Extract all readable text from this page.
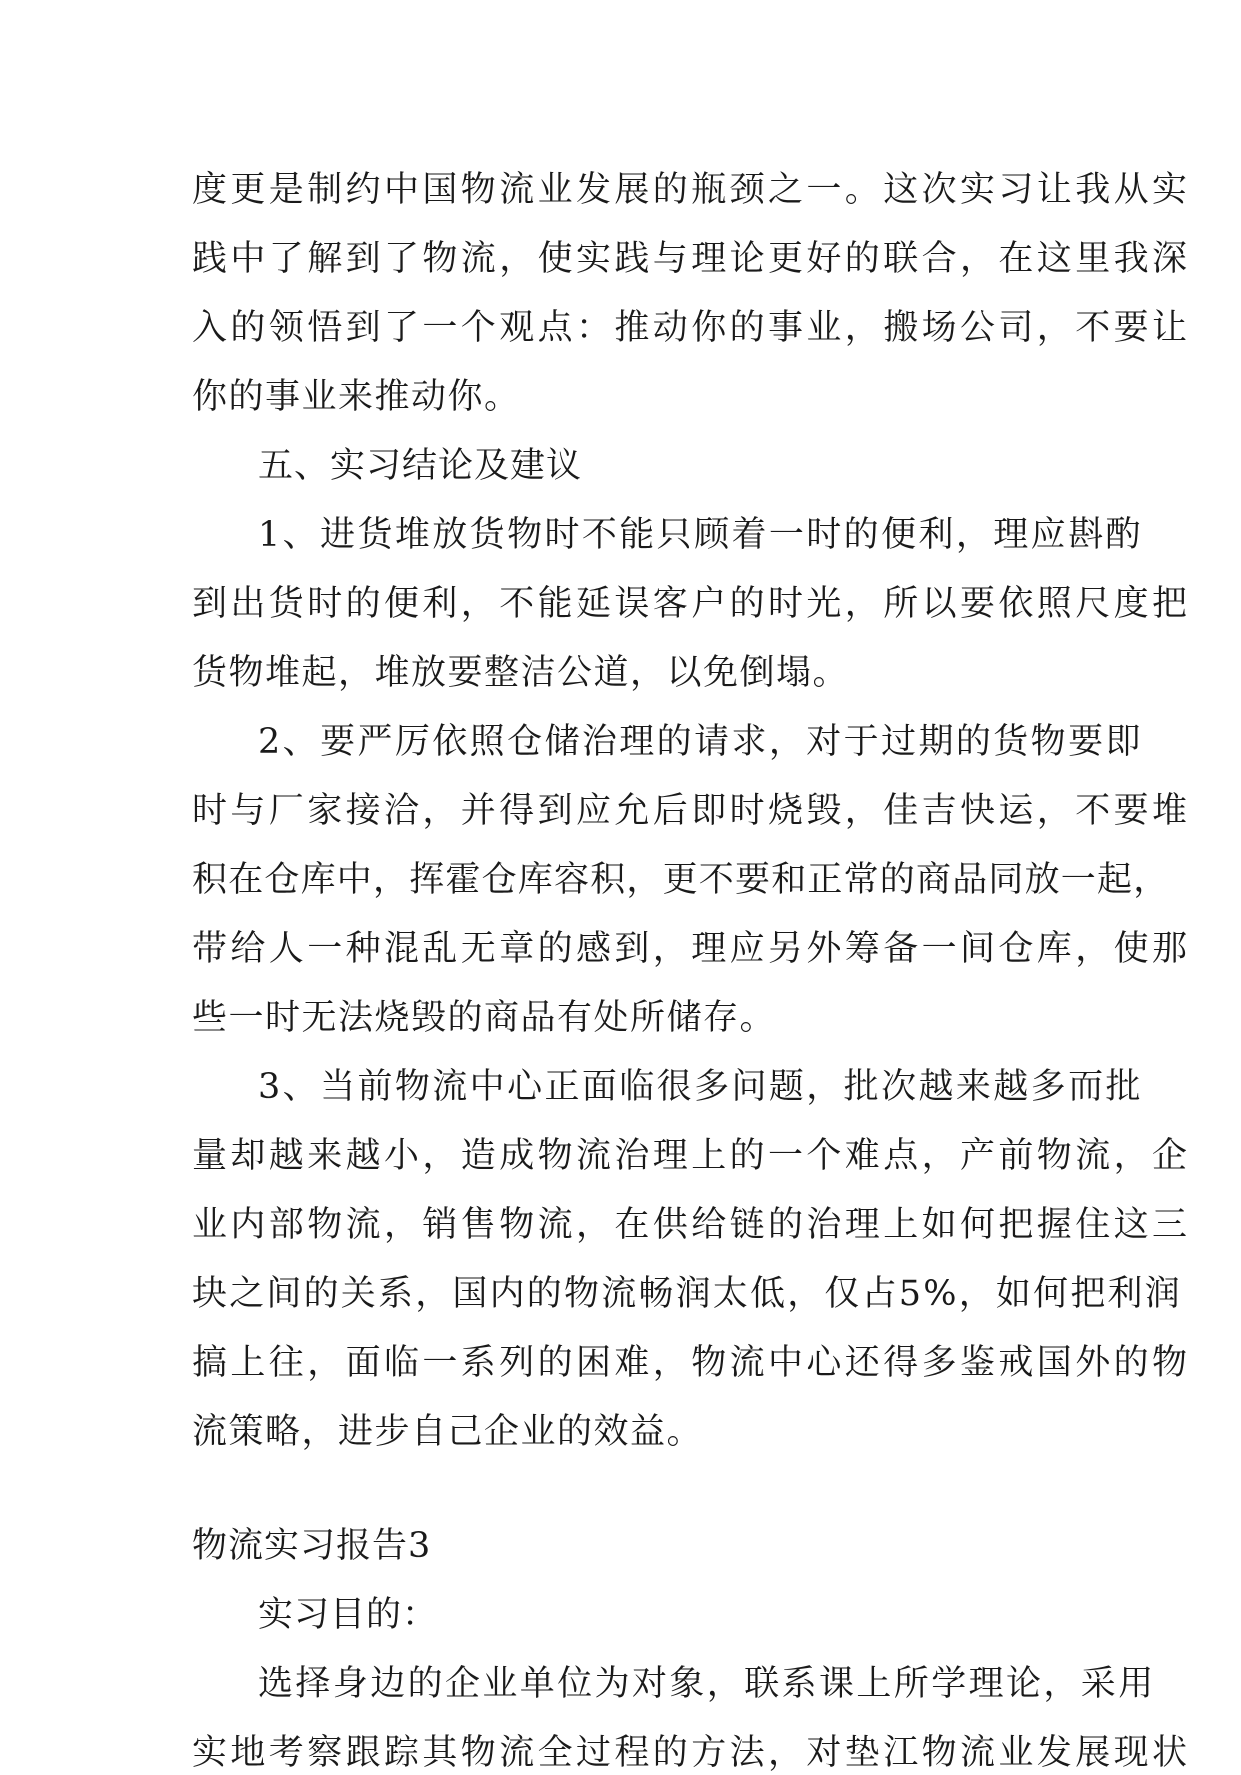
度更是制约中国物流业发展的瓶颈之一。这次实习让我从实
践中了解到了物流，使实践与理论更好的联合，在这里我深
入的领悟到了一个观点：推动你的事业，搬场公司，不要让
你的事业来推动你。
五、实习结论及建议
1、进货堆放货物时不能只顾着一时的便利，理应斟酌
到出货时的便利，不能延误客户的时光，所以要依照尺度把
货物堆起，堆放要整洁公道，以免倒塌。
2、要严厉依照仓储治理的请求，对于过期的货物要即
时与厂家接洽，并得到应允后即时烧毁，佳吉快运，不要堆
积在仓库中，挥霍仓库容积，更不要和正常的商品同放一起，
带给人一种混乱无章的感到，理应另外筹备一间仓库，使那
些一时无法烧毁的商品有处所储存。
3、当前物流中心正面临很多问题，批次越来越多而批
量却越来越小，造成物流治理上的一个难点，产前物流，企
业内部物流，销售物流，在供给链的治理上如何把握住这三
块之间的关系，国内的物流畅润太低，仅占5%，如何把利润
搞上往，面临一系列的困难，物流中心还得多鉴戒国外的物
流策略，进步自己企业的效益。
物流实习报告3
实习目的：
选择身边的企业单位为对象，联系课上所学理论，采用
实地考察跟踪其物流全过程的方法，对垫江物流业发展现状
